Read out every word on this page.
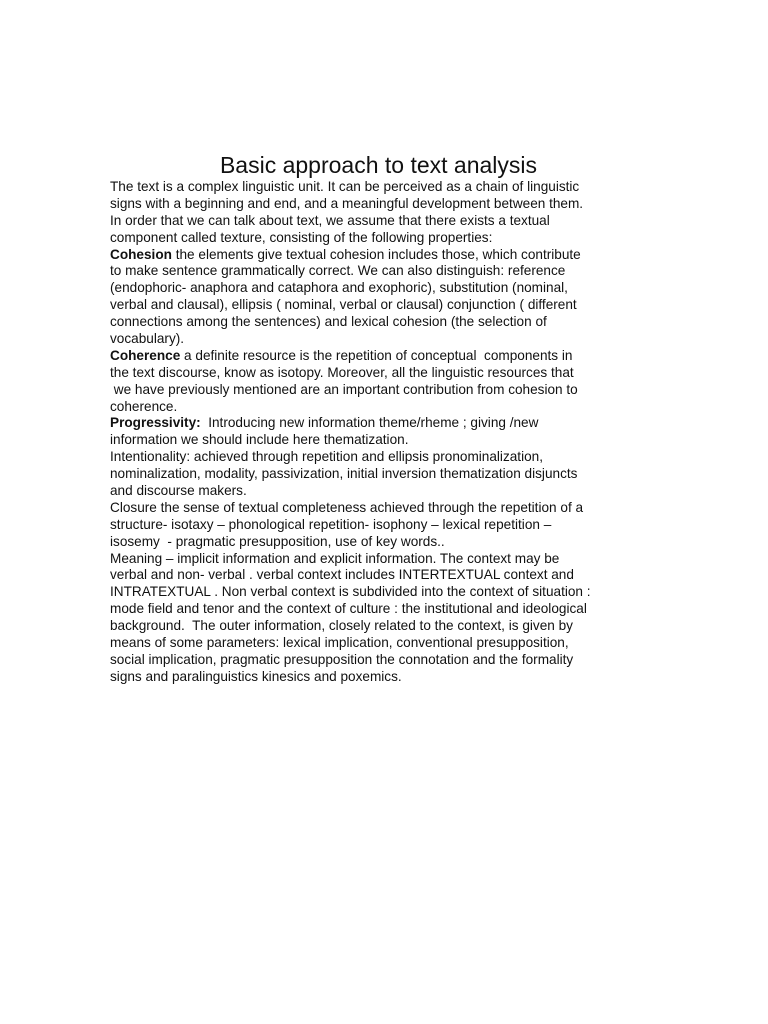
Basic approach to text analysis
The text is a complex linguistic unit. It can be perceived as a chain of linguistic
signs with a beginning and end, and a meaningful development between them.
In order that we can talk about text, we assume that there exists a textual
component called texture, consisting of the following properties:
Cohesion the elements give textual cohesion includes those, which contribute
to make sentence grammatically correct. We can also distinguish: reference
(endophoric- anaphora and cataphora and exophoric), substitution (nominal,
verbal and clausal), ellipsis ( nominal, verbal or clausal) conjunction ( different
connections among the sentences) and lexical cohesion (the selection of
vocabulary).
Coherence a definite resource is the repetition of conceptual  components in
the text discourse, know as isotopy. Moreover, all the linguistic resources that
we have previously mentioned are an important contribution from cohesion to
coherence.
Progressivity:  Introducing new information theme/rheme ; giving /new
information we should include here thematization.
Intentionality: achieved through repetition and ellipsis pronominalization,
nominalization, modality, passivization, initial inversion thematization disjuncts
and discourse makers.
Closure the sense of textual completeness achieved through the repetition of a
structure- isotaxy – phonological repetition- isophony – lexical repetition –
isosemy  - pragmatic presupposition, use of key words..
Meaning – implicit information and explicit information. The context may be
verbal and non- verbal . verbal context includes INTERTEXTUAL context and
INTRATEXTUAL . Non verbal context is subdivided into the context of situation :
mode field and tenor and the context of culture : the institutional and ideological
background.  The outer information, closely related to the context, is given by
means of some parameters: lexical implication, conventional presupposition,
social implication, pragmatic presupposition the connotation and the formality
signs and paralinguistics kinesics and poxemics.
